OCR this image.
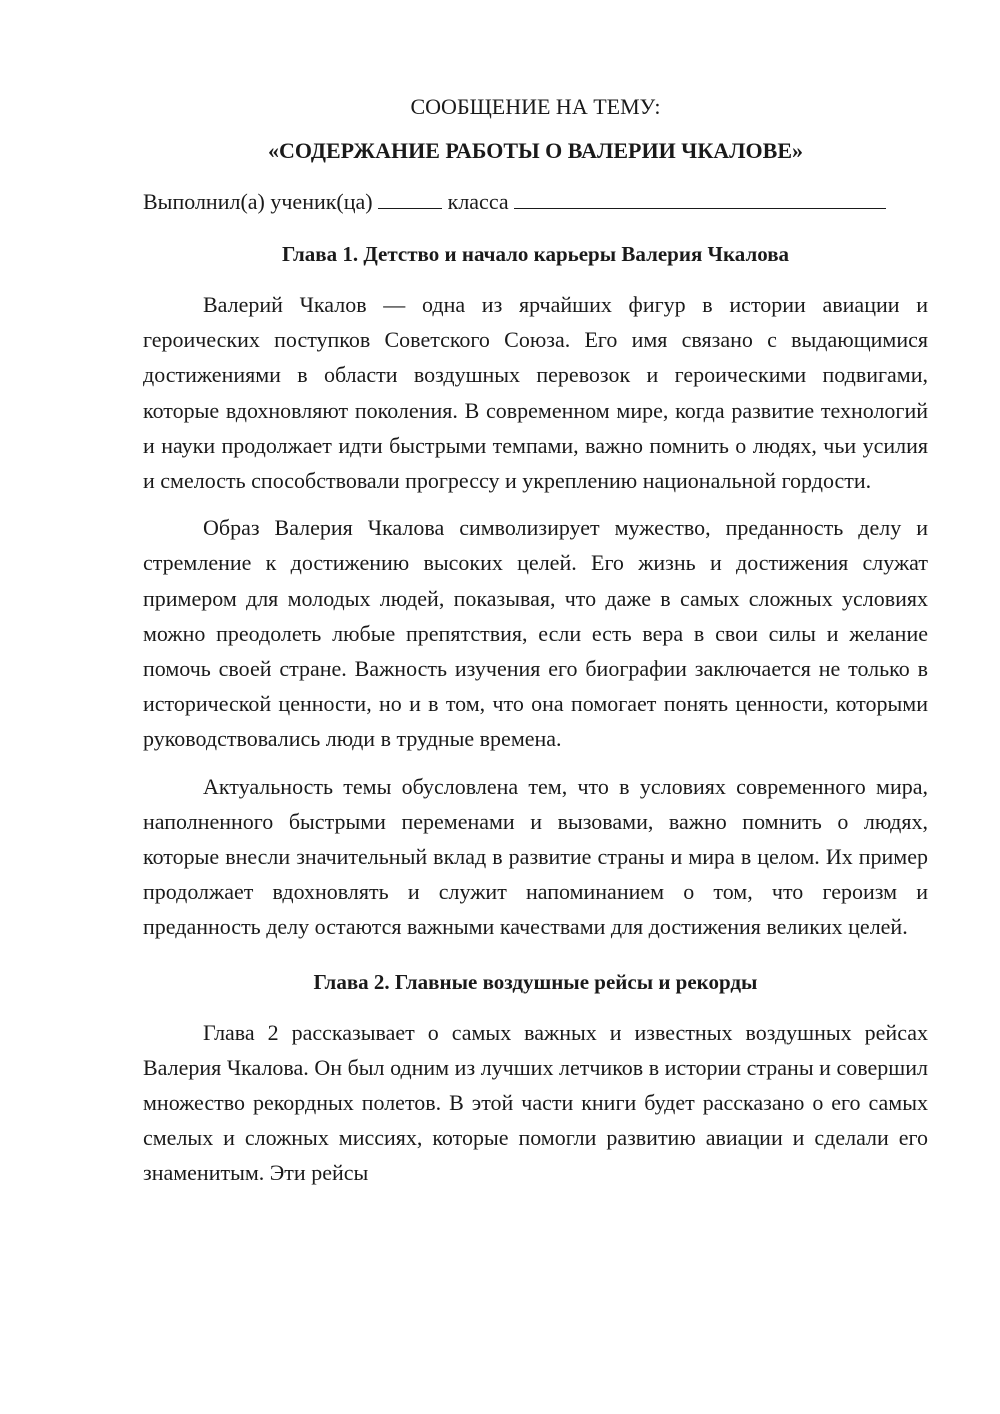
СООБЩЕНИЕ НА ТЕМУ:
«СОДЕРЖАНИЕ РАБОТЫ О ВАЛЕРИИ ЧКАЛОВЕ»
Выполнил(а) ученик(ца)	класса
Глава 1. Детство и начало карьеры Валерия Чкалова

Валерий Чкалов — одна из ярчайших фигур в истории авиации и героических поступков Советского Союза. Его имя связано с выдающимися достижениями в области воздушных перевозок и героическими подвигами, которые вдохновляют поколения. В современном мире, когда развитие технологий и науки продолжает идти быстрыми темпами, важно помнить о людях, чьи усилия и смелость способствовали прогрессу и укреплению национальной гордости.

Образ Валерия Чкалова символизирует мужество, преданность делу и стремление к достижению высоких целей. Его жизнь и достижения служат примером для молодых людей, показывая, что даже в самых сложных условиях можно преодолеть любые препятствия, если есть вера в свои силы и желание помочь своей стране. Важность изучения его биографии заключается не только в исторической ценности, но и в том, что она помогает понять ценности, которыми руководствовались люди в трудные времена.

Актуальность темы обусловлена тем, что в условиях современного мира, наполненного быстрыми переменами и вызовами, важно помнить о людях, которые внесли значительный вклад в развитие страны и мира в целом. Их пример продолжает вдохновлять и служит напоминанием о том, что героизм и преданность делу остаются важными качествами для достижения великих целей.

Глава 2. Главные воздушные рейсы и рекорды

Глава 2 рассказывает о самых важных и известных воздушных рейсах Валерия Чкалова. Он был одним из лучших летчиков в истории страны и совершил множество рекордных полетов. В этой части книги будет рассказано о его самых смелых и сложных миссиях, которые помогли развитию авиации и сделали его знаменитым. Эти рейсы
